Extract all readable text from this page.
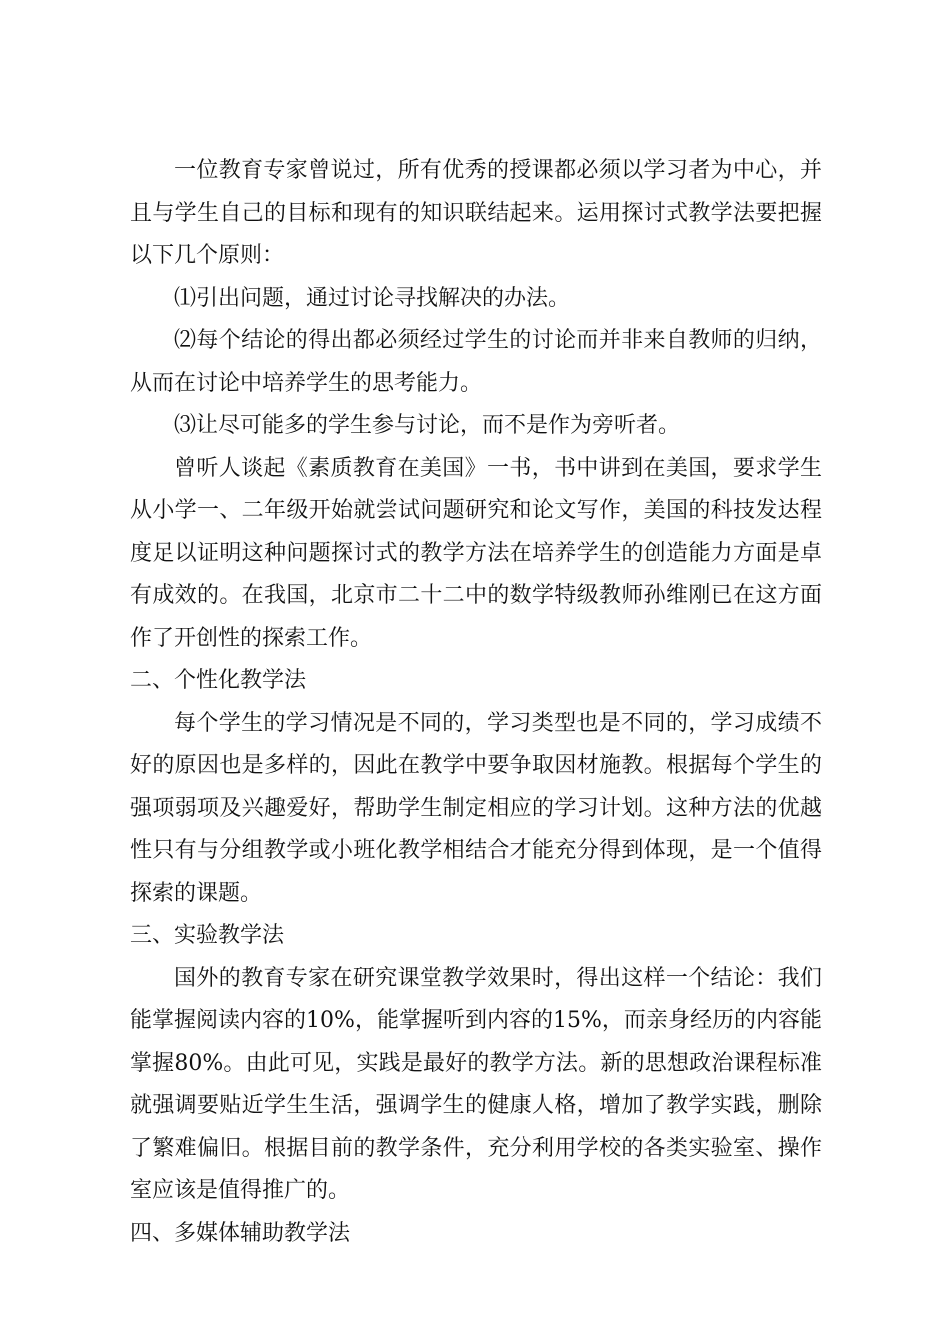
一位教育专家曾说过，所有优秀的授课都必须以学习者为中心，并且与学生自己的目标和现有的知识联结起来。运用探讨式教学法要把握以下几个原则：

⑴引出问题，通过讨论寻找解决的办法。

⑵每个结论的得出都必须经过学生的讨论而并非来自教师的归纳，从而在讨论中培养学生的思考能力。

⑶让尽可能多的学生参与讨论，而不是作为旁听者。

曾听人谈起《素质教育在美国》一书，书中讲到在美国，要求学生从小学一、二年级开始就尝试问题研究和论文写作，美国的科技发达程度足以证明这种问题探讨式的教学方法在培养学生的创造能力方面是卓有成效的。在我国，北京市二十二中的数学特级教师孙维刚已在这方面作了开创性的探索工作。

二、个性化教学法

每个学生的学习情况是不同的，学习类型也是不同的，学习成绩不好的原因也是多样的，因此在教学中要争取因材施教。根据每个学生的强项弱项及兴趣爱好，帮助学生制定相应的学习计划。这种方法的优越性只有与分组教学或小班化教学相结合才能充分得到体现，是一个值得探索的课题。

三、实验教学法

国外的教育专家在研究课堂教学效果时，得出这样一个结论：我们能掌握阅读内容的10%，能掌握听到内容的15%，而亲身经历的内容能掌握80%。由此可见，实践是最好的教学方法。新的思想政治课程标准就强调要贴近学生生活，强调学生的健康人格，增加了教学实践，删除了繁难偏旧。根据目前的教学条件，充分利用学校的各类实验室、操作室应该是值得推广的。

四、多媒体辅助教学法
